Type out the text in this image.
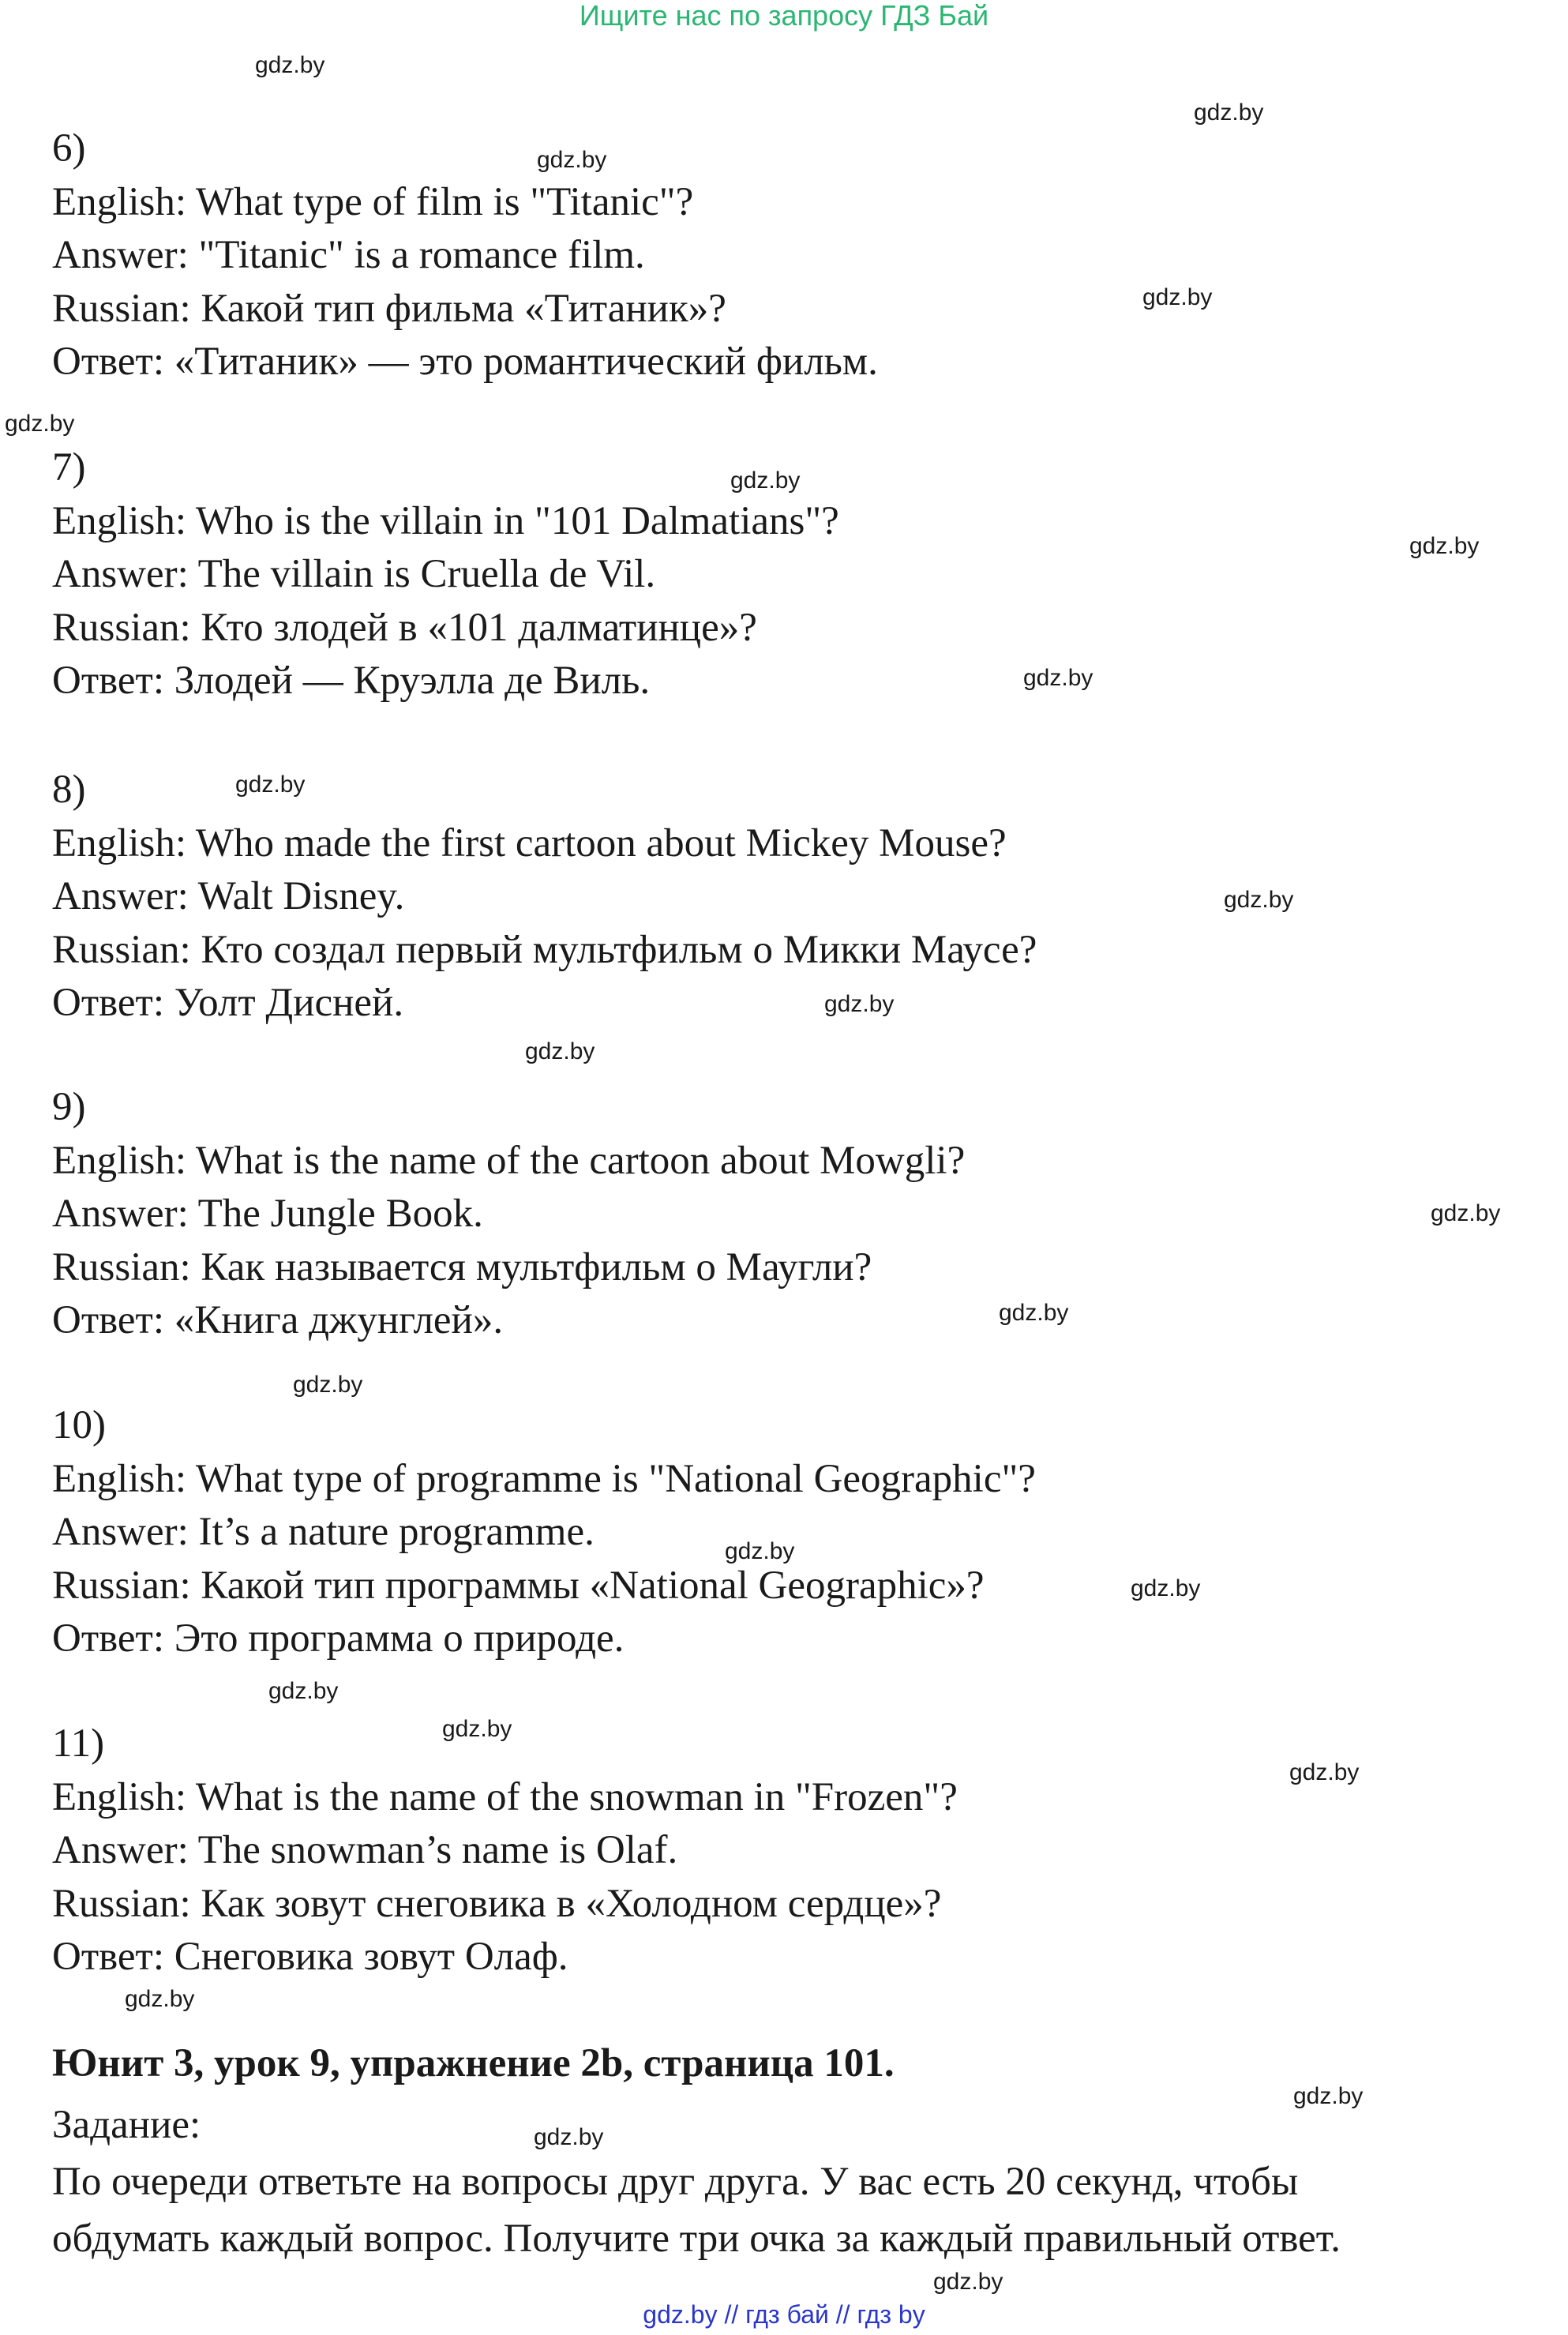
Ищите нас по запросу ГДЗ Бай
gdz.by
gdz.by
gdz.by
gdz.by
gdz.by
gdz.by
gdz.by
gdz.by
gdz.by
gdz.by
gdz.by
gdz.by
gdz.by
gdz.by
gdz.by
gdz.by
gdz.by
gdz.by
gdz.by
gdz.by
gdz.by
gdz.by
gdz.by
gdz.by
6)
English: What type of film is "Titanic"?
Answer: "Titanic" is a romance film.
Russian: Какой тип фильма «Титаник»?
Ответ: «Титаник» — это романтический фильм.
7)
English: Who is the villain in "101 Dalmatians"?
Answer: The villain is Cruella de Vil.
Russian: Кто злодей в «101 далматинце»?
Ответ: Злодей — Круэлла де Виль.
8)
English: Who made the first cartoon about Mickey Mouse?
Answer: Walt Disney.
Russian: Кто создал первый мультфильм о Микки Маусе?
Ответ: Уолт Дисней.
9)
English: What is the name of the cartoon about Mowgli?
Answer: The Jungle Book.
Russian: Как называется мультфильм о Маугли?
Ответ: «Книга джунглей».
10)
English: What type of programme is "National Geographic"?
Answer: It’s a nature programme.
Russian: Какой тип программы «National Geographic»?
Ответ: Это программа о природе.
11)
English: What is the name of the snowman in "Frozen"?
Answer: The snowman’s name is Olaf.
Russian: Как зовут снеговика в «Холодном сердце»?
Ответ: Снеговика зовут Олаф.
Юнит 3, урок 9, упражнение 2b, страница 101.
Задание:
По очереди ответьте на вопросы друг друга. У вас есть 20 секунд, чтобы
обдумать каждый вопрос. Получите три очка за каждый правильный ответ.
gdz.by // гдз бай // гдз by
